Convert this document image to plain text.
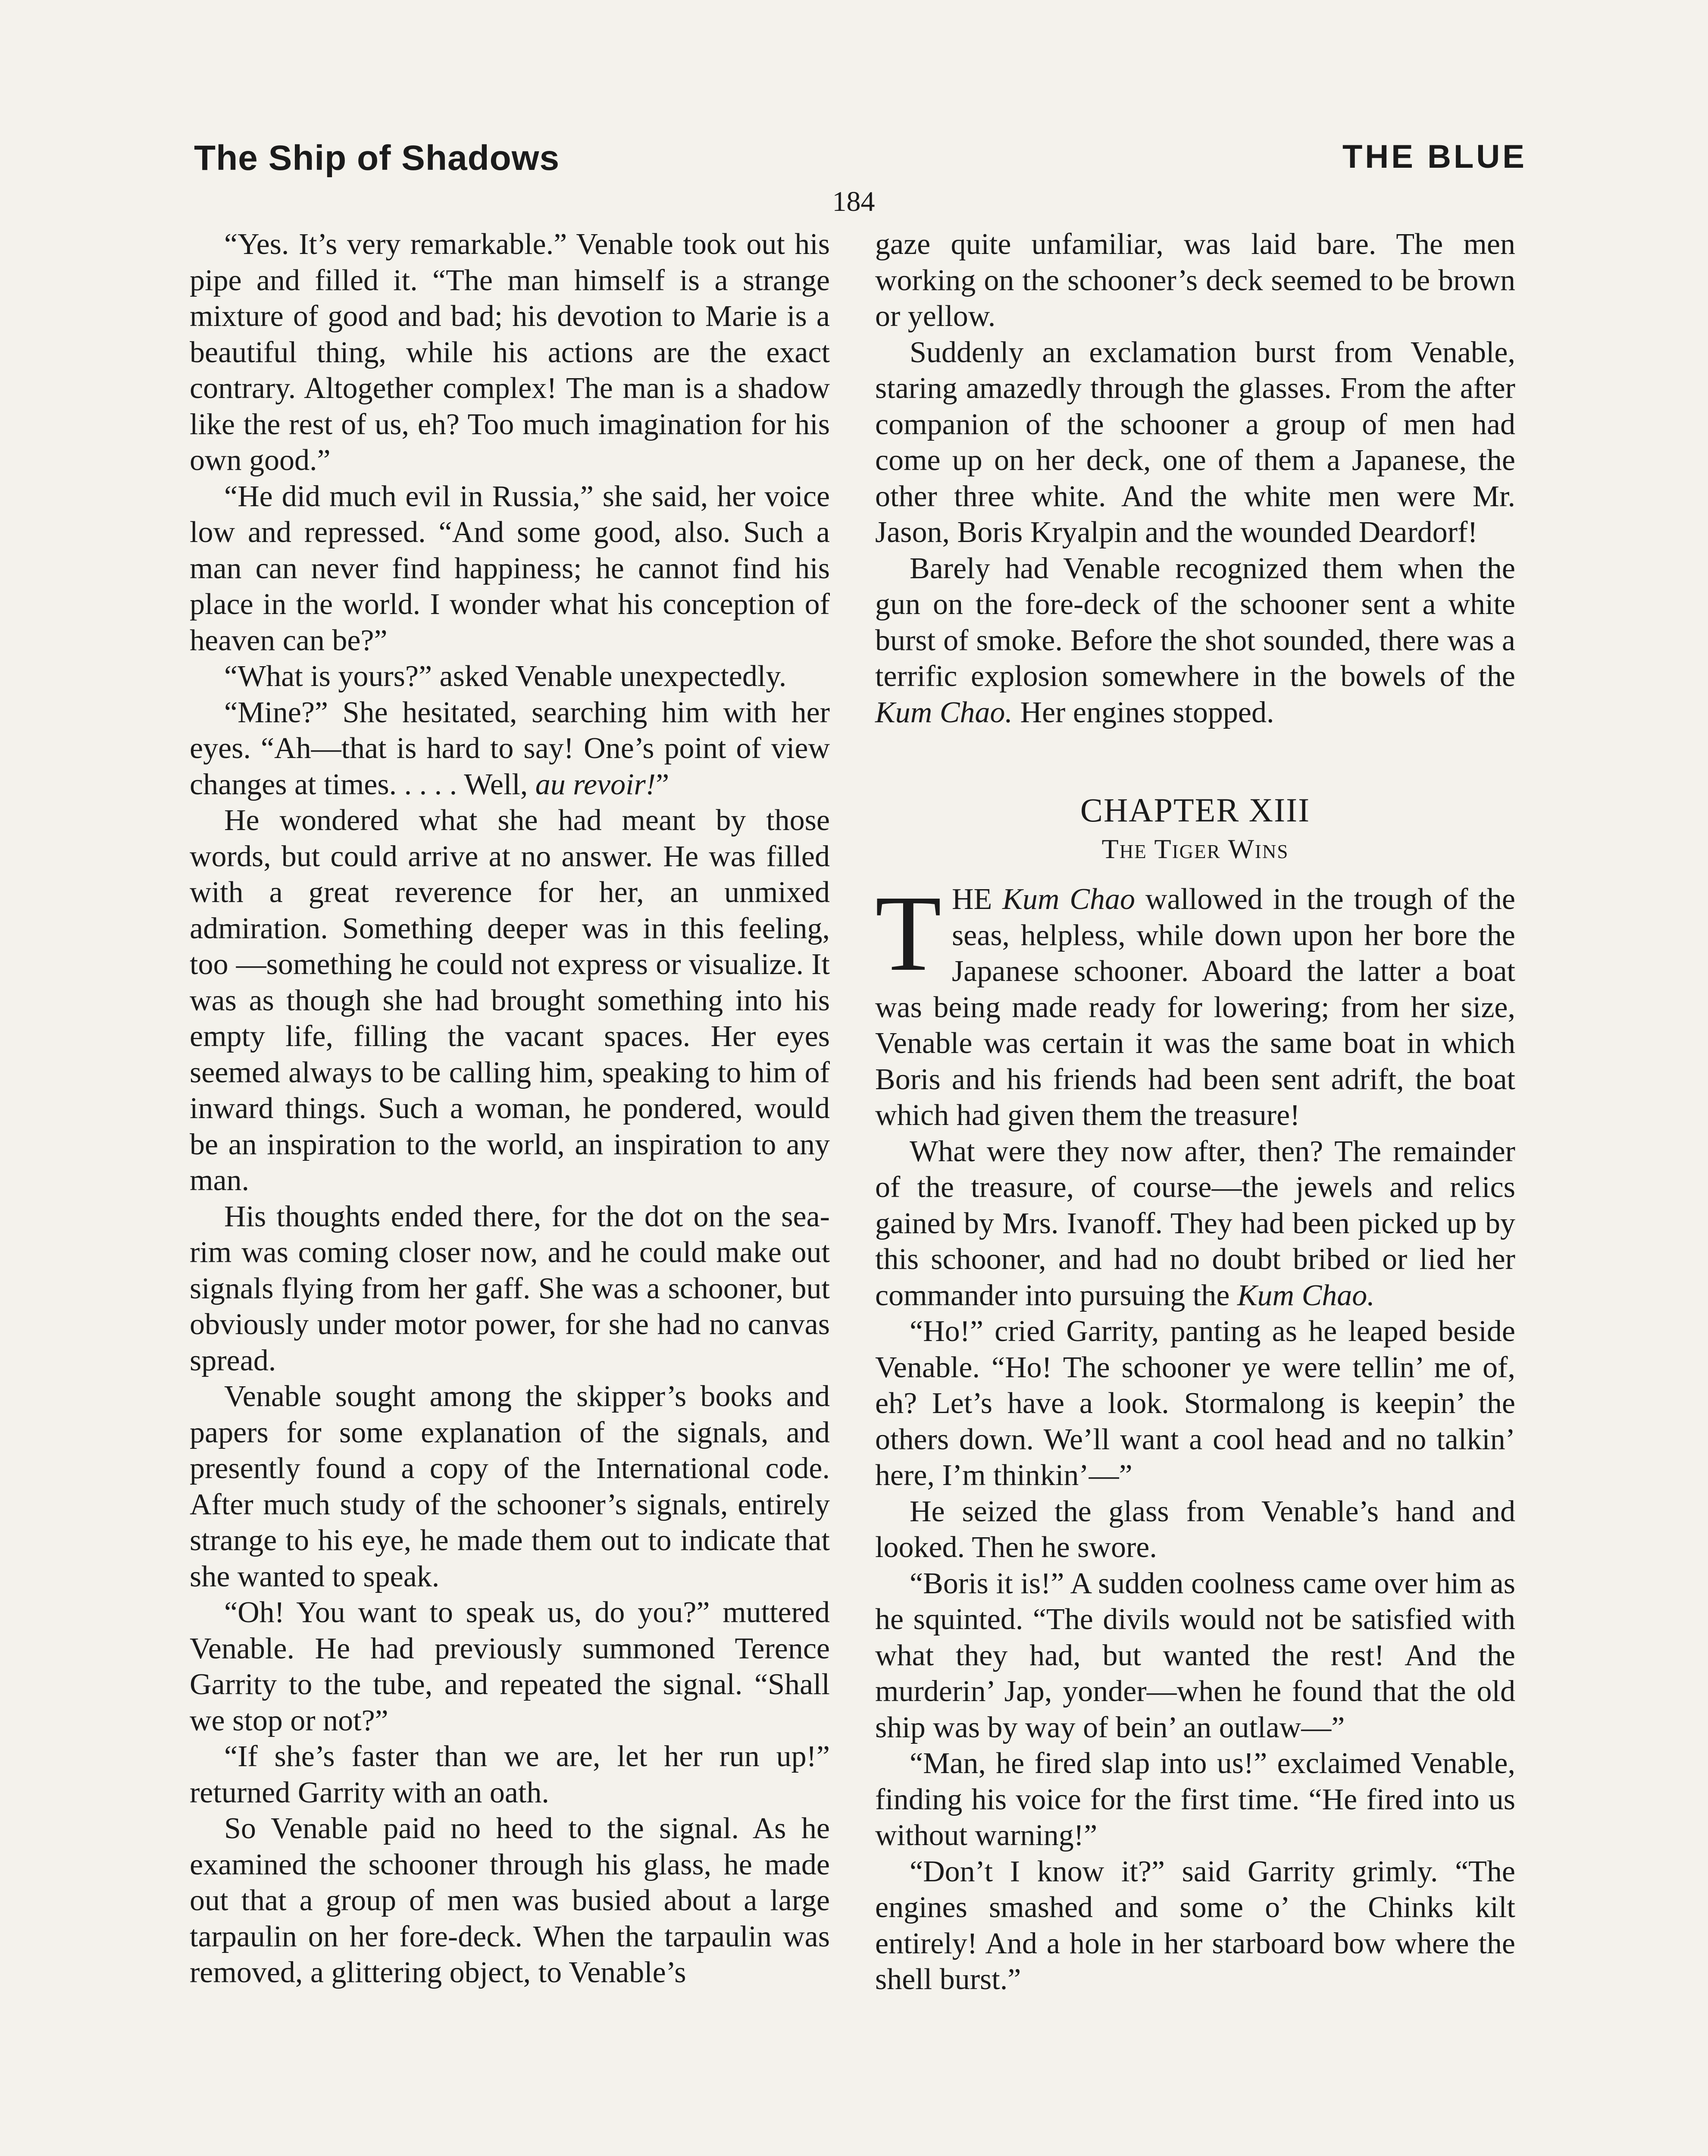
The Ship of Shadows	THE BLUE
184

“Yes. It’s very remarkable.” Venable took out his pipe and filled it. “The man himself is a strange mixture of good and bad; his devotion to Marie is a beautiful thing, while his actions are the exact contrary. Altogether complex! The man is a shadow like the rest of us, eh? Too much imagination for his own good.”

“He did much evil in Russia,” she said, her voice low and repressed. “And some good, also. Such a man can never find happiness; he cannot find his place in the world. I wonder what his conception of heaven can be?”

“What is yours?” asked Venable unexpectedly.

“Mine?” She hesitated, searching him with her eyes. “Ah—that is hard to say! One’s point of view changes at times. . . . . Well, au revoir!”

He wondered what she had meant by those words, but could arrive at no answer. He was filled with a great reverence for her, an unmixed admiration. Something deeper was in this feeling, too —something he could not express or visualize. It was as though she had brought something into his empty life, filling the vacant spaces. Her eyes seemed always to be calling him, speaking to him of inward things. Such a woman, he pondered, would be an inspiration to the world, an inspiration to any man.

His thoughts ended there, for the dot on the sea-rim was coming closer now, and he could make out signals flying from her gaff. She was a schooner, but obviously under motor power, for she had no canvas spread.

Venable sought among the skipper’s books and papers for some explanation of the signals, and presently found a copy of the International code. After much study of the schooner’s signals, entirely strange to his eye, he made them out to indicate that she wanted to speak.

“Oh! You want to speak us, do you?” muttered Venable. He had previously summoned Terence Garrity to the tube, and repeated the signal. “Shall we stop or not?”

“If she’s faster than we are, let her run up!” returned Garrity with an oath.

So Venable paid no heed to the signal. As he examined the schooner through his glass, he made out that a group of men was busied about a large tarpaulin on her fore-deck. When the tarpaulin was removed, a glittering object, to Venable’s

gaze quite unfamiliar, was laid bare. The men working on the schooner’s deck seemed to be brown or yellow.

Suddenly an exclamation burst from Venable, staring amazedly through the glasses. From the after companion of the schooner a group of men had come up on her deck, one of them a Japanese, the other three white. And the white men were Mr. Jason, Boris Kryalpin and the wounded Deardorf!

Barely had Venable recognized them when the gun on the fore-deck of the schooner sent a white burst of smoke. Before the shot sounded, there was a terrific explosion somewhere in the bowels of the Kum Chao. Her engines stopped.

CHAPTER XIII
The Tiger Wins

THE Kum Chao wallowed in the trough of the seas, helpless, while down upon her bore the Japanese schooner. Aboard the latter a boat was being made ready for lowering; from her size, Venable was certain it was the same boat in which Boris and his friends had been sent adrift, the boat which had given them the treasure!

What were they now after, then? The remainder of the treasure, of course—the jewels and relics gained by Mrs. Ivanoff. They had been picked up by this schooner, and had no doubt bribed or lied her commander into pursuing the Kum Chao.

“Ho!” cried Garrity, panting as he leaped beside Venable. “Ho! The schooner ye were tellin’ me of, eh? Let’s have a look. Stormalong is keepin’ the others down. We’ll want a cool head and no talkin’ here, I’m thinkin’—”

He seized the glass from Venable’s hand and looked. Then he swore.

“Boris it is!” A sudden coolness came over him as he squinted. “The divils would not be satisfied with what they had, but wanted the rest! And the murderin’ Jap, yonder—when he found that the old ship was by way of bein’ an outlaw—”

“Man, he fired slap into us!” exclaimed Venable, finding his voice for the first time. “He fired into us without warning!”

“Don’t I know it?” said Garrity grimly. “The engines smashed and some o’ the Chinks kilt entirely! And a hole in her starboard bow where the shell burst.”
